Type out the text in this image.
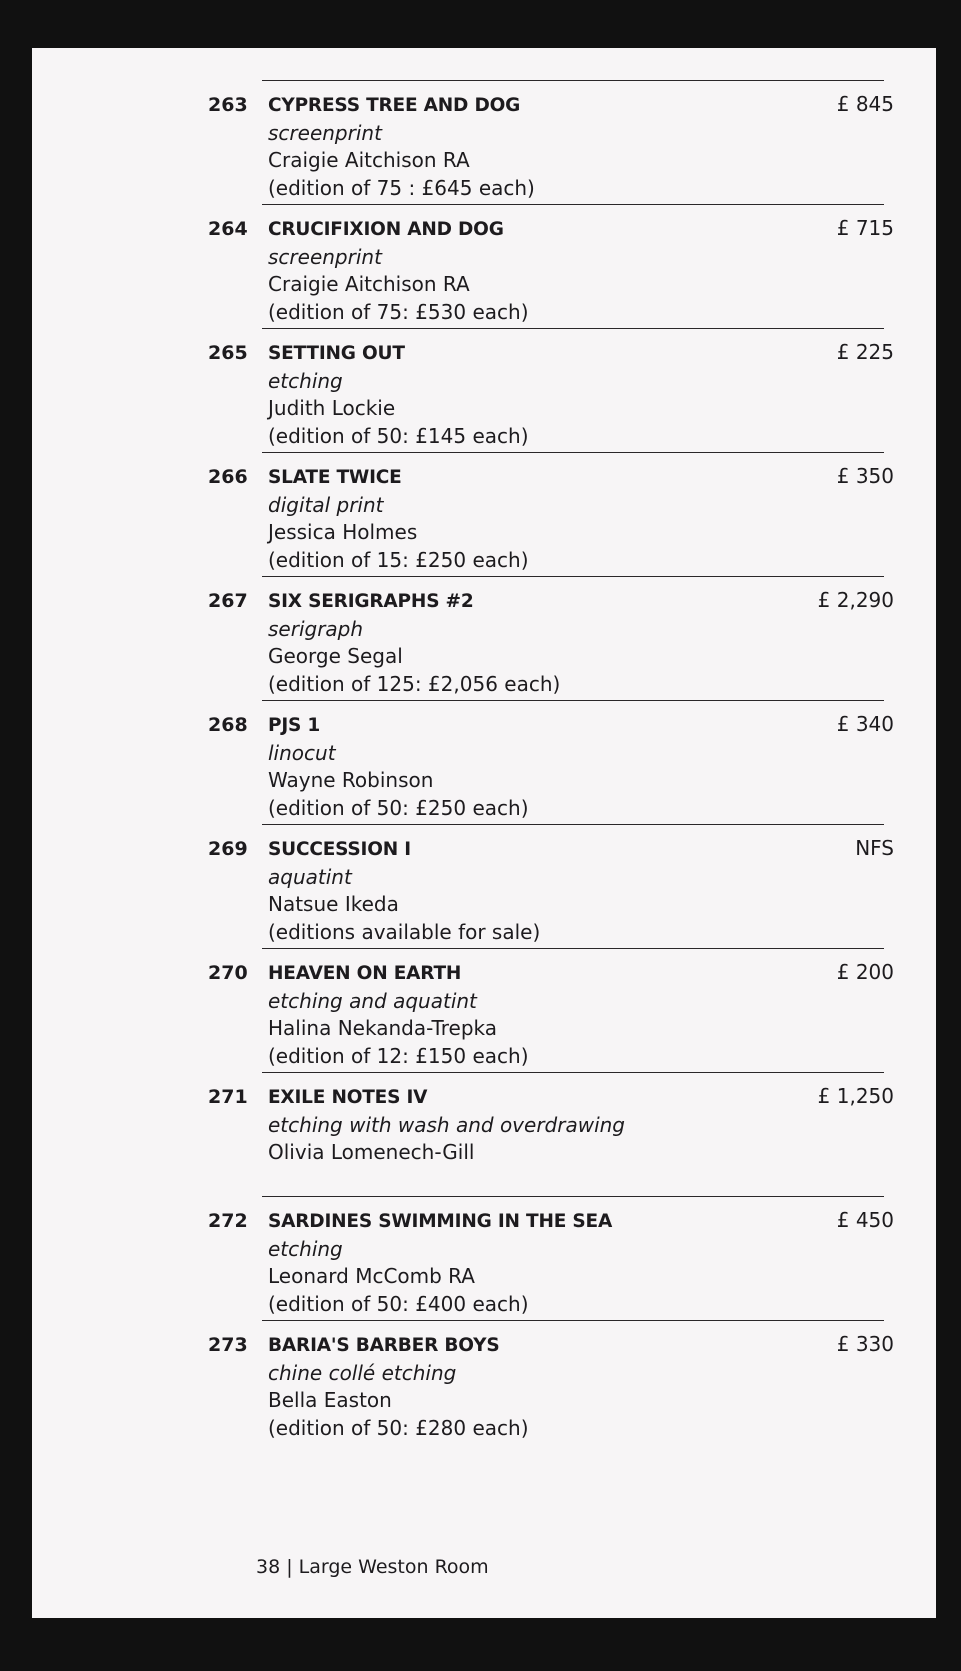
263	CYPRESS TREE AND DOG
screenprint
Craigie Aitchison RA
(edition of 75 : £645 each)
£ 845
264	CRUCIFIXION AND DOG
screenprint
Craigie Aitchison RA
(edition of 75: £530 each)
£ 715
265	SETTING OUT
etching
Judith Lockie
(edition of 50: £145 each)
£ 225
266	SLATE TWICE
digital print
Jessica Holmes
(edition of 15: £250 each)
£ 350
267	SIX SERIGRAPHS #2
serigraph
George Segal
(edition of 125: £2,056 each)
£ 2,290
268	PJS 1
linocut
Wayne Robinson
(edition of 50: £250 each)
£ 340
269	SUCCESSION I
aquatint
Natsue Ikeda
(editions available for sale)
NFS
270	HEAVEN ON EARTH
etching and aquatint
Halina Nekanda-Trepka
(edition of 12: £150 each)
£ 200
271	EXILE NOTES IV
etching with wash and overdrawing
Olivia Lomenech-Gill
£ 1,250
272	SARDINES SWIMMING IN THE SEA
etching
Leonard McComb RA
(edition of 50: £400 each)
£ 450
273	BARIA'S BARBER BOYS
chine collé etching
Bella Easton
(edition of 50: £280 each)
£ 330
38 | Large Weston Room
